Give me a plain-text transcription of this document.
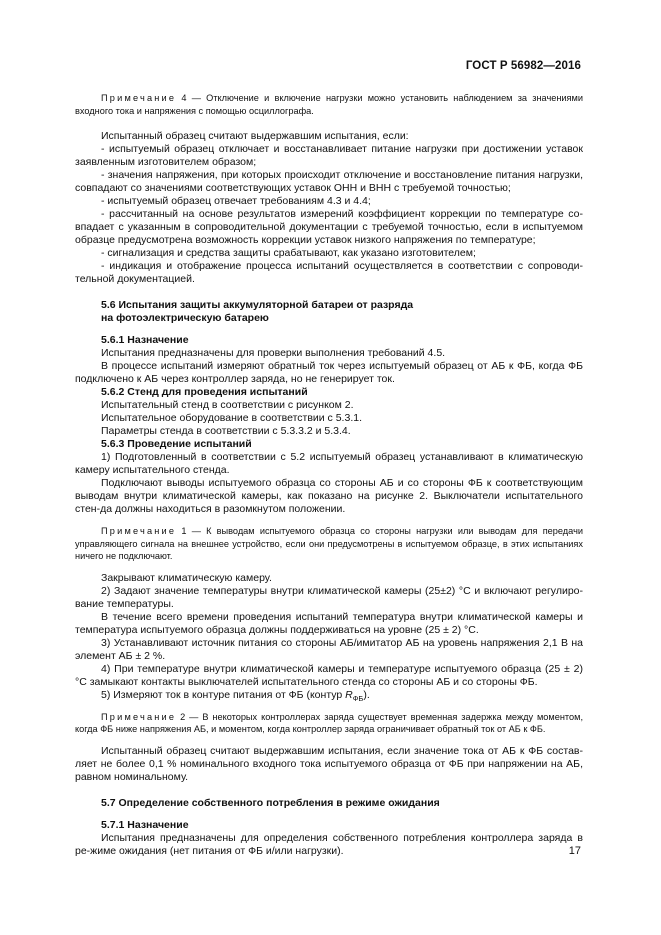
ГОСТ Р 56982—2016

Примечание 4 — Отключение и включение нагрузки можно установить наблюдением за значениями входного тока и напряжения с помощью осциллографа.

Испытанный образец считают выдержавшим испытания, если:

- испытуемый образец отключает и восстанавливает питание нагрузки при достижении уставок заявленным изготовителем образом;

- значения напряжения, при которых происходит отключение и восстановление питания нагрузки, совпадают со значениями соответствующих уставок ОНН и ВНН с требуемой точностью;

- испытуемый образец отвечает требованиям 4.3 и 4.4;

- рассчитанный на основе результатов измерений коэффициент коррекции по температуре со-впадает с указанным в сопроводительной документации с требуемой точностью, если в испытуемом образце предусмотрена возможность коррекции уставок низкого напряжения по температуре;

- сигнализация и средства защиты срабатывают, как указано изготовителем;

- индикация и отображение процесса испытаний осуществляется в соответствии с сопроводи-тельной документацией.

5.6 Испытания защиты аккумуляторной батареи от разряда

на фотоэлектрическую батарею

5.6.1 Назначение

Испытания предназначены для проверки выполнения требований 4.5.

В процессе испытаний измеряют обратный ток через испытуемый образец от АБ к ФБ, когда ФБ подключено к АБ через контроллер заряда, но не генерирует ток.

5.6.2 Стенд для проведения испытаний

Испытательный стенд в соответствии с рисунком 2.

Испытательное оборудование в соответствии с 5.3.1.

Параметры стенда в соответствии с 5.3.3.2 и 5.3.4.

5.6.3 Проведение испытаний

1) Подготовленный в соответствии с 5.2 испытуемый образец устанавливают в климатическую камеру испытательного стенда.

Подключают выводы испытуемого образца со стороны АБ и со стороны ФБ к соответствующим выводам внутри климатической камеры, как показано на рисунке 2. Выключатели испытательного стен-да должны находиться в разомкнутом положении.

Примечание 1 — К выводам испытуемого образца со стороны нагрузки или выводам для передачи управляющего сигнала на внешнее устройство, если они предусмотрены в испытуемом образце, в этих испытаниях ничего не подключают.

Закрывают климатическую камеру.

2) Задают значение температуры внутри климатической камеры (25±2) °С и включают регулиро-вание температуры.

В течение всего времени проведения испытаний температура внутри климатической камеры и температура испытуемого образца должны поддерживаться на уровне (25 ± 2) °С.

3) Устанавливают источник питания со стороны АБ/имитатор АБ на уровень напряжения 2,1 В на элемент АБ ± 2 %.

4) При температуре внутри климатической камеры и температуре испытуемого образца (25 ± 2) °С замыкают контакты выключателей испытательного стенда со стороны АБ и со стороны ФБ.

5) Измеряют ток в контуре питания от ФБ (контур $R_{ФБ}$).

Примечание 2 — В некоторых контроллерах заряда существует временная задержка между моментом, когда ФБ ниже напряжения АБ, и моментом, когда контроллер заряда ограничивает обратный ток от АБ к ФБ.

Испытанный образец считают выдержавшим испытания, если значение тока от АБ к ФБ состав-ляет не более 0,1 % номинального входного тока испытуемого образца от ФБ при напряжении на АБ, равном номинальному.

5.7 Определение собственного потребления в режиме ожидания

5.7.1 Назначение

Испытания предназначены для определения собственного потребления контроллера заряда в ре-жиме ожидания (нет питания от ФБ и/или нагрузки).	17
